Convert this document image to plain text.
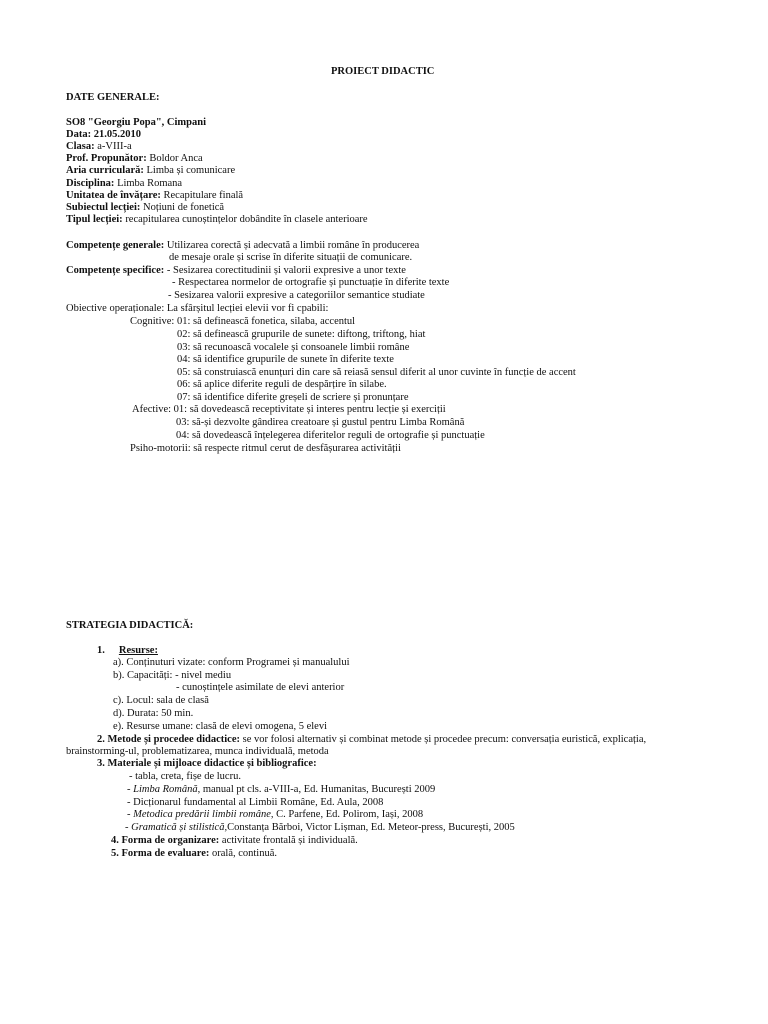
PROIECT DIDACTIC
DATE GENERALE:
SO8 "Georgiu Popa", Cimpani
Data: 21.05.2010
Clasa: a-VIII-a
Prof. Propunător: Boldor Anca
Aria curriculară: Limba și comunicare
Disciplina: Limba Romana
Unitatea de învățare: Recapitulare finală
Subiectul lecției: Noțiuni de fonetică
Tipul lecției: recapitularea cunoștințelor dobândite în clasele anterioare
Competențe generale: Utilizarea corectă și adecvată a limbii române în producerea
de mesaje orale și scrise în diferite situații de comunicare.
Competențe specifice: - Sesizarea corectitudinii și valorii expresive a unor texte
- Respectarea normelor de ortografie și punctuație în diferite texte
- Sesizarea valorii expresive a categoriilor semantice studiate
Obiective operaționale: La sfârșitul lecției elevii vor fi cpabili:
Cognitive: 01: să definească fonetica, silaba, accentul
02: să definească grupurile de sunete: diftong, triftong, hiat
03: să recunoască vocalele și consoanele limbii române
04: să identifice grupurile de sunete în diferite texte
05: să construiască enunțuri din care să reiasă sensul diferit al unor cuvinte în funcție de accent
06: să aplice diferite reguli de despărțire în silabe.
07: să identifice diferite greșeli de scriere și pronunțare
Afective: 01: să dovedească receptivitate și interes pentru lecție și exerciții
03: să-și dezvolte gândirea creatoare și gustul pentru Limba Română
04: să dovedească înțelegerea diferitelor reguli de ortografie și punctuație
Psiho-motorii: să respecte ritmul cerut de desfășurarea activității
STRATEGIA DIDACTICĂ:
1. Resurse:
a). Conținuturi vizate: conform Programei și manualului
b). Capacități: - nivel mediu
- cunoștințele asimilate de elevi anterior
c). Locul: sala de clasă
d). Durata: 50 min.
e). Resurse umane: clasă de elevi omogena, 5 elevi
2. Metode și procedee didactice: se vor folosi alternativ și combinat metode și procedee precum: conversația euristică, explicația,
brainstorming-ul, problematizarea, munca individuală, metoda
3. Materiale și mijloace didactice și bibliografice:
- tabla, creta, fișe de lucru.
- Limba Română, manual pt cls. a-VIII-a, Ed. Humanitas, București 2009
- Dicționarul fundamental al Limbii Române, Ed. Aula, 2008
- Metodica predării limbii române, C. Parfene, Ed. Polirom, Iași, 2008
- Gramatică și stilistică,Constanța Bărboi, Victor Lișman, Ed. Meteor-press, București, 2005
4. Forma de organizare: activitate frontală și individuală.
5. Forma de evaluare: orală, continuă.
